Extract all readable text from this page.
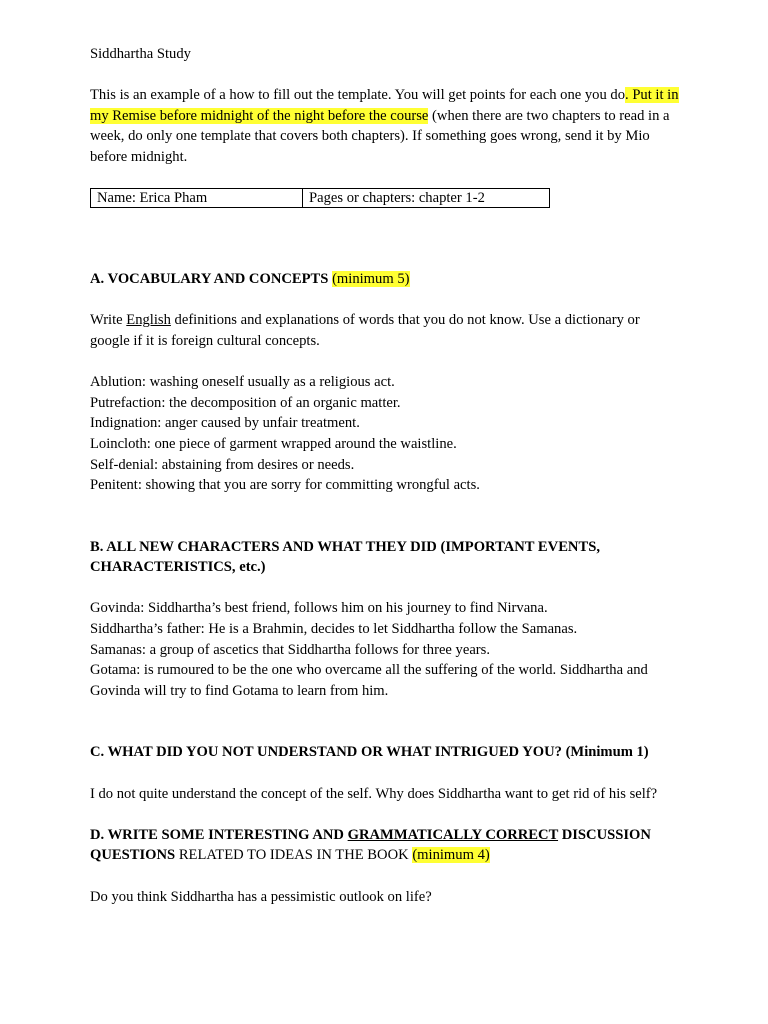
Siddhartha Study

This is an example of a how to fill out the template. You will get points for each one you do. Put it in my Remise before midnight of the night before the course (when there are two chapters to read in a week, do only one template that covers both chapters). If something goes wrong, send it by Mio before midnight.

Name: Erica Pham	Pages or chapters: chapter 1-2

A. VOCABULARY AND CONCEPTS (minimum 5)

Write English definitions and explanations of words that you do not know. Use a dictionary or google if it is foreign cultural concepts.

Ablution: washing oneself usually as a religious act.

Putrefaction: the decomposition of an organic matter.

Indignation: anger caused by unfair treatment.

Loincloth: one piece of garment wrapped around the waistline.

Self-denial: abstaining from desires or needs.

Penitent: showing that you are sorry for committing wrongful acts.

B. ALL NEW CHARACTERS AND WHAT THEY DID (IMPORTANT EVENTS, CHARACTERISTICS, etc.)

Govinda: Siddhartha’s best friend, follows him on his journey to find Nirvana.

Siddhartha’s father: He is a Brahmin, decides to let Siddhartha follow the Samanas.

Samanas: a group of ascetics that Siddhartha follows for three years.

Gotama: is rumoured to be the one who overcame all the suffering of the world. Siddhartha and Govinda will try to find Gotama to learn from him.

C. WHAT DID YOU NOT UNDERSTAND OR WHAT INTRIGUED YOU? (Minimum 1)

I do not quite understand the concept of the self. Why does Siddhartha want to get rid of his self?

D. WRITE SOME INTERESTING AND GRAMMATICALLY CORRECT DISCUSSION QUESTIONS RELATED TO IDEAS IN THE BOOK (minimum 4)

Do you think Siddhartha has a pessimistic outlook on life?
